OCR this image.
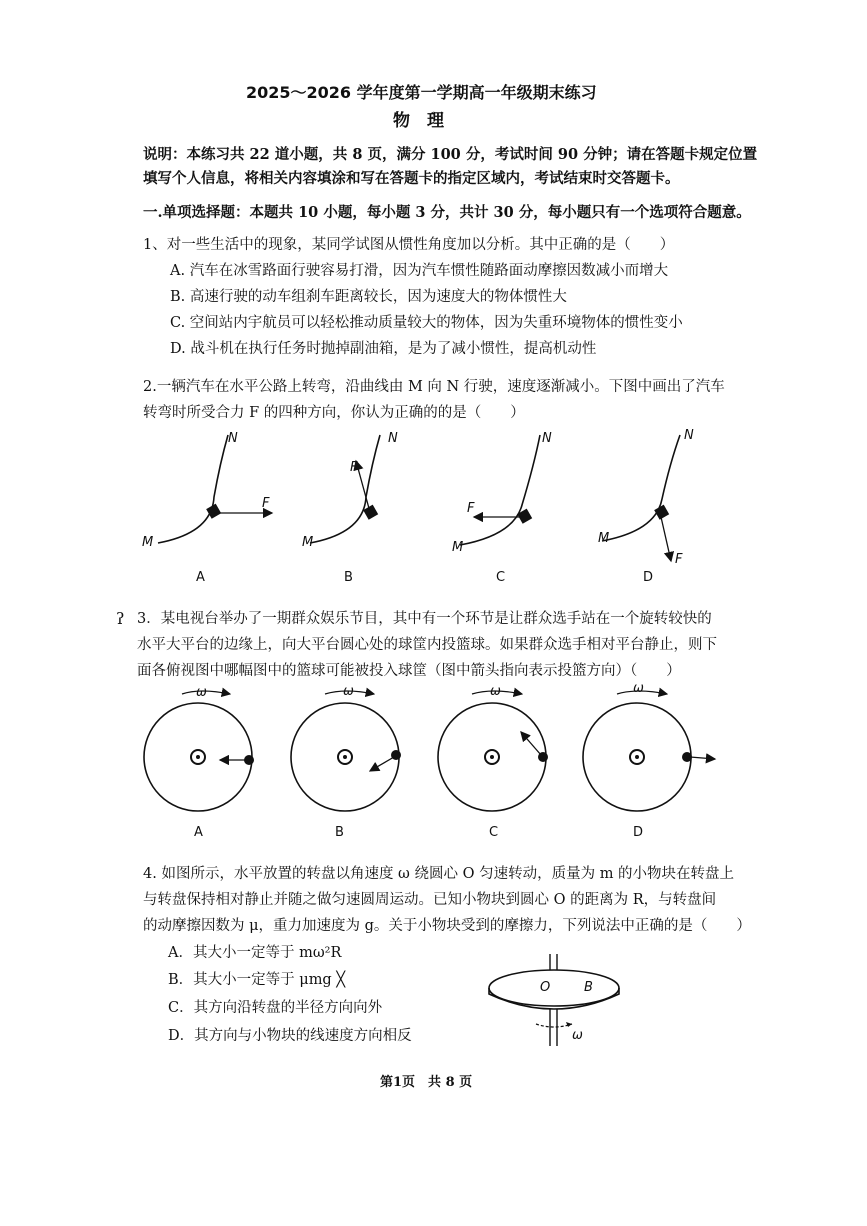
2025～2026 学年度第一学期高一年级期末练习
物　理
说明：本练习共 22 道小题，共 8 页，满分 100 分，考试时间 90 分钟；请在答题卡规定位置
填写个人信息，将相关内容填涂和写在答题卡的指定区域内，考试结束时交答题卡。
一.单项选择题：本题共 10 小题，每小题 3 分，共计 30 分，每小题只有一个选项符合题意。
1、对一些生活中的现象，某同学试图从惯性角度加以分析。其中正确的是（　　）
A. 汽车在冰雪路面行驶容易打滑，因为汽车惯性随路面动摩擦因数减小而增大
B. 高速行驶的动车组刹车距离较长，因为速度大的物体惯性大
C. 空间站内宇航员可以轻松推动质量较大的物体，因为失重环境物体的惯性变小
D. 战斗机在执行任务时抛掉副油箱，是为了减小惯性，提高机动性
2.一辆汽车在水平公路上转弯，沿曲线由 M 向 N 行驶，速度逐渐减小。下图中画出了汽车
转弯时所受合力 F 的四种方向，你认为正确的的是（　　）
N
F
M
N
F
M
N
F
M
N
F
M
A	B	C	D
ʔ 3．某电视台举办了一期群众娱乐节目，其中有一个环节是让群众选手站在一个旋转较快的
水平大平台的边缘上，向大平台圆心处的球筐内投篮球。如果群众选手相对平台静止，则下
面各俯视图中哪幅图中的篮球可能被投入球筐（图中箭头指向表示投篮方向）（　　）
ω	ω	ω	ω
A	B	C	D
4. 如图所示，水平放置的转盘以角速度 ω 绕圆心 O 匀速转动，质量为 m 的小物块在转盘上
与转盘保持相对静止并随之做匀速圆周运动。已知小物块到圆心 O 的距离为 R，与转盘间
的动摩擦因数为 μ，重力加速度为 g。关于小物块受到的摩擦力，下列说法中正确的是（　　）
A．其大小一定等于 mω²R
B．其大小一定等于 μmg ╳
C．其方向沿转盘的半径方向向外
D．其方向与小物块的线速度方向相反
O	B
ω
第1页　共 8 页
